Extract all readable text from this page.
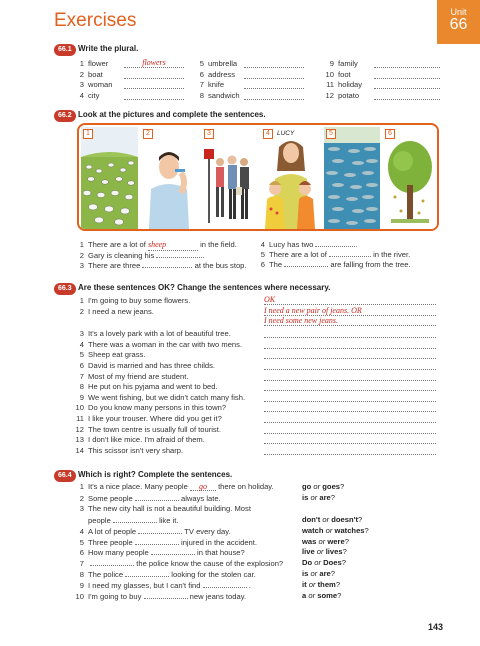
Exercises	Unit
66
66.1 Write the plural.
1 flower	flowers
2 boat
3 woman
4 city
5 umbrella
6 address
7 knife
8 sandwich
9 family
10 foot
11 holiday
12 potato
66.2 Look at the pictures and complete the sentences.
1	2	3	4	LUCY	5	6
1 There are a lot of sheep	in the field.
2 Gary is cleaning his	.
3 There are three	at the bus stop.
4 Lucy has two	.
5 There are a lot of	in the river.
6 The	are falling from the tree.
66.3 Are these sentences OK? Change the sentences where necessary.
1 I'm going to buy some flowers.	OK
2 I need a new jeans.	I need a new pair of jeans. OR
I need some new jeans.
3 It's a lovely park with a lot of beautiful tree.
4 There was a woman in the car with two mens.
5 Sheep eat grass.
6 David is married and has three childs.
7 Most of my friend are student.
8 He put on his pyjama and went to bed.
9 We went fishing, but we didn't catch many fish.
10 Do you know many persons in this town?
11 I like your trouser. Where did you get it?
12 The town centre is usually full of tourist.
13 I don't like mice. I'm afraid of them.
14 This scissor isn't very sharp.
66.4 Which is right? Complete the sentences.
1 It's a nice place. Many people go there on holiday.	go or goes?
2 Some people	always late.	is or are?
3 The new city hall is not a beautiful building. Most
people	like it.	don't or doesn't?
4 A lot of people	TV every day.	watch or watches?
5 Three people	injured in the accident.	was or were?
6 How many people	in that house?	live or lives?
7	the police know the cause of the explosion? Do or Does?
8 The police	looking for the stolen car.	is or are?
9 I need my glasses, but I can't find	.	it or them?
10 I'm going to buy	new jeans today.	a or some?
143
